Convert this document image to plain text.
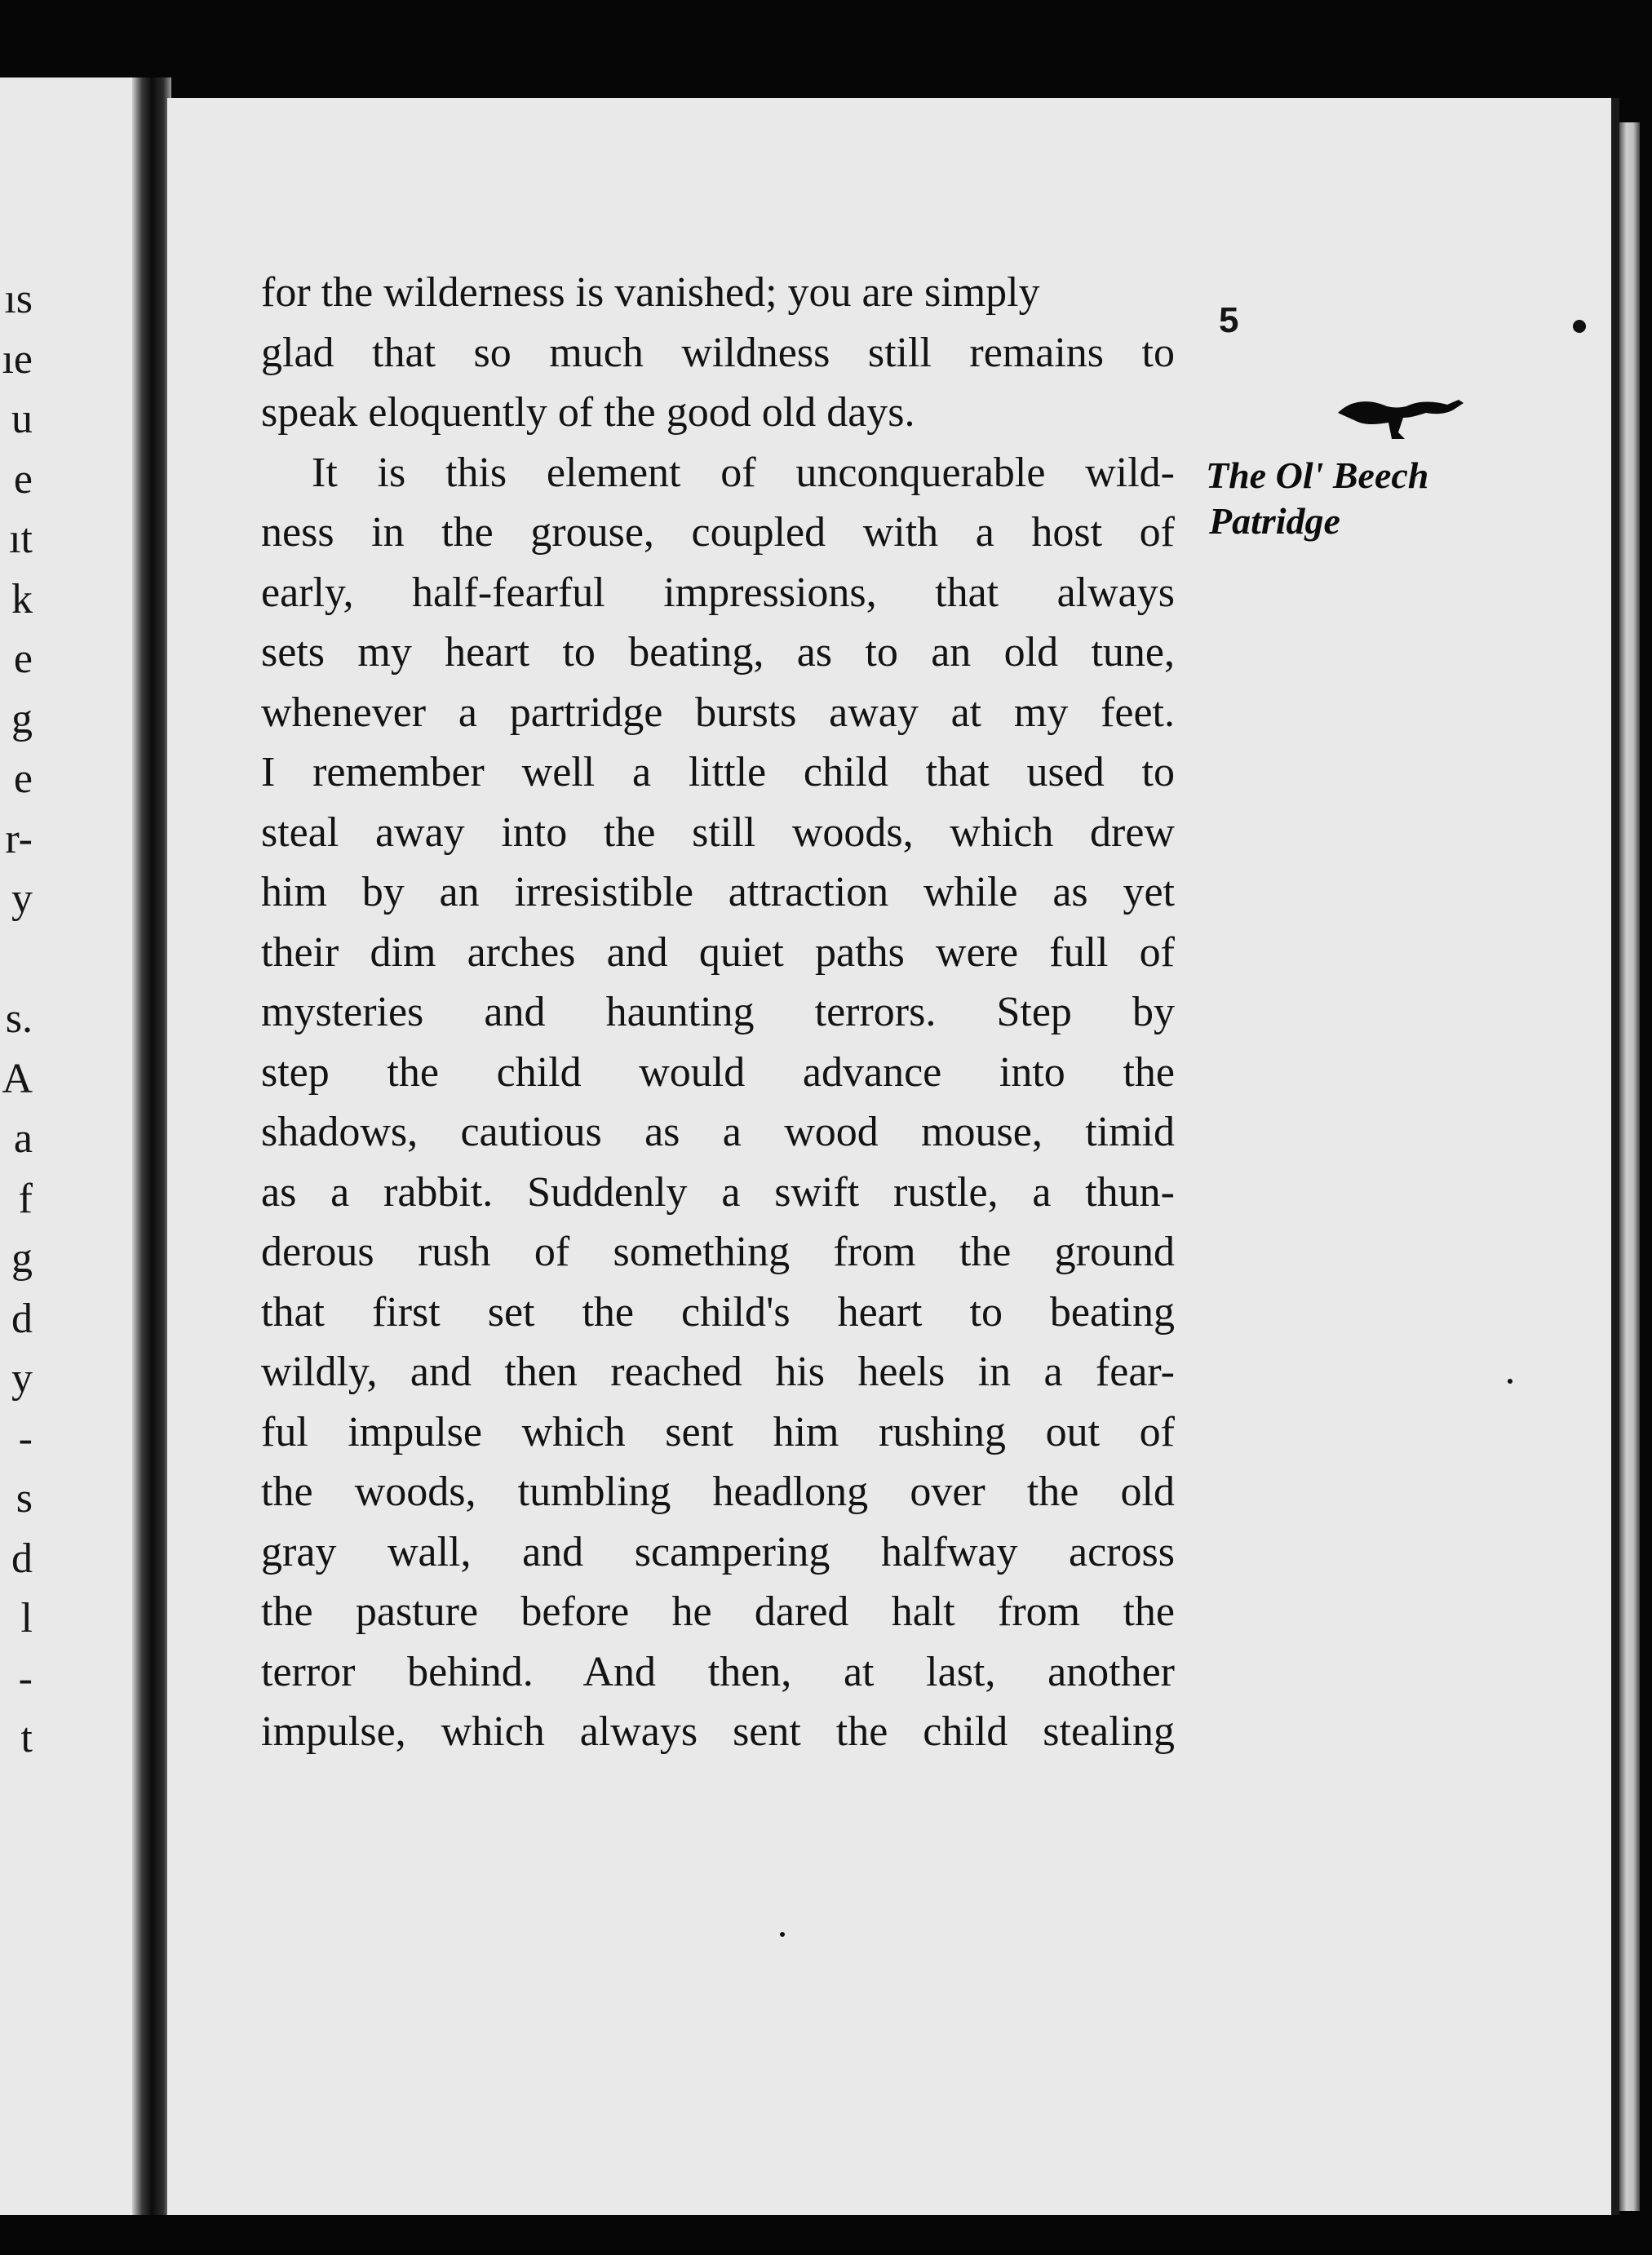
ıs
ıe
u
e
ıt
k
e
g
e
r-
y
s.
A
a
f
g
d
y
-
s
d
l
-
t
5
The Ol' Beech
Patridge
for the wilderness is vanished; you are simply
glad that so much wildness still remains to
speak eloquently of the good old days.
It is this element of unconquerable wild-
ness in the grouse, coupled with a host of
early, half-fearful impressions, that always
sets my heart to beating, as to an old tune,
whenever a partridge bursts away at my feet.
I remember well a little child that used to
steal away into the still woods, which drew
him by an irresistible attraction while as yet
their dim arches and quiet paths were full of
mysteries and haunting terrors. Step by
step the child would advance into the
shadows, cautious as a wood mouse, timid
as a rabbit. Suddenly a swift rustle, a thun-
derous rush of something from the ground
that first set the child's heart to beating
wildly, and then reached his heels in a fear-
ful impulse which sent him rushing out of
the woods, tumbling headlong over the old
gray wall, and scampering halfway across
the pasture before he dared halt from the
terror behind. And then, at last, another
impulse, which always sent the child stealing
